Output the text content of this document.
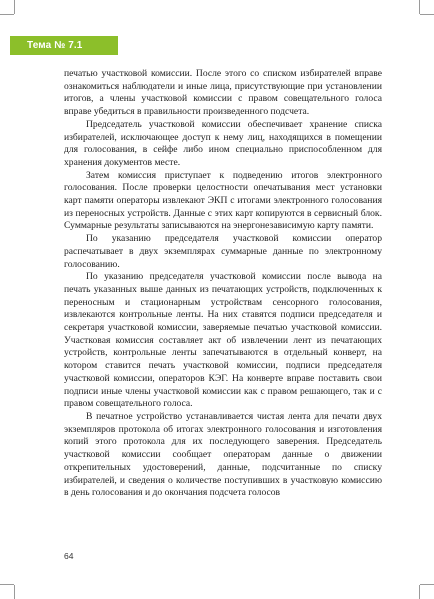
Тема № 7.1

печатью участковой комиссии. После этого со списком избирателей вправе ознакомиться наблюдатели и иные лица, присутствующие при установлении итогов, а члены участковой комиссии с правом совещательного голоса вправе убедиться в правильности произведенного подсчета.

Председатель участковой комиссии обеспечивает хранение списка избирателей, исключающее доступ к нему лиц, находящихся в помещении для голосования, в сейфе либо ином специально приспособленном для хранения документов месте.

Затем комиссия приступает к подведению итогов электронного голосования. После проверки целостности опечатывания мест установки карт памяти операторы извлекают ЭКП с итогами электронного голосования из переносных устройств. Данные с этих карт копируются в сервисный блок. Суммарные результаты записываются на энергонезависимую карту памяти.

По указанию председателя участковой комиссии оператор распечатывает в двух экземплярах суммарные данные по электронному голосованию.

По указанию председателя участковой комиссии после вывода на печать указанных выше данных из печатающих устройств, подключенных к переносным и стационарным устройствам сенсорного голосования, извлекаются контрольные ленты. На них ставятся подписи председателя и секретаря участковой комиссии, заверяемые печатью участковой комиссии. Участковая комиссия составляет акт об извлечении лент из печатающих устройств, контрольные ленты запечатываются в отдельный конверт, на котором ставится печать участковой комиссии, подписи председателя участковой комиссии, операторов КЭГ. На конверте вправе поставить свои подписи иные члены участковой комиссии как с правом решающего, так и с правом совещательного голоса.

В печатное устройство устанавливается чистая лента для печати двух экземпляров протокола об итогах электронного голосования и изготовления копий этого протокола для их последующего заверения. Председатель участковой комиссии сообщает операторам данные о движении открепительных удостоверений, данные, подсчитанные по списку избирателей, и сведения о количестве поступивших в участковую комиссию в день голосования и до окончания подсчета голосов

64
